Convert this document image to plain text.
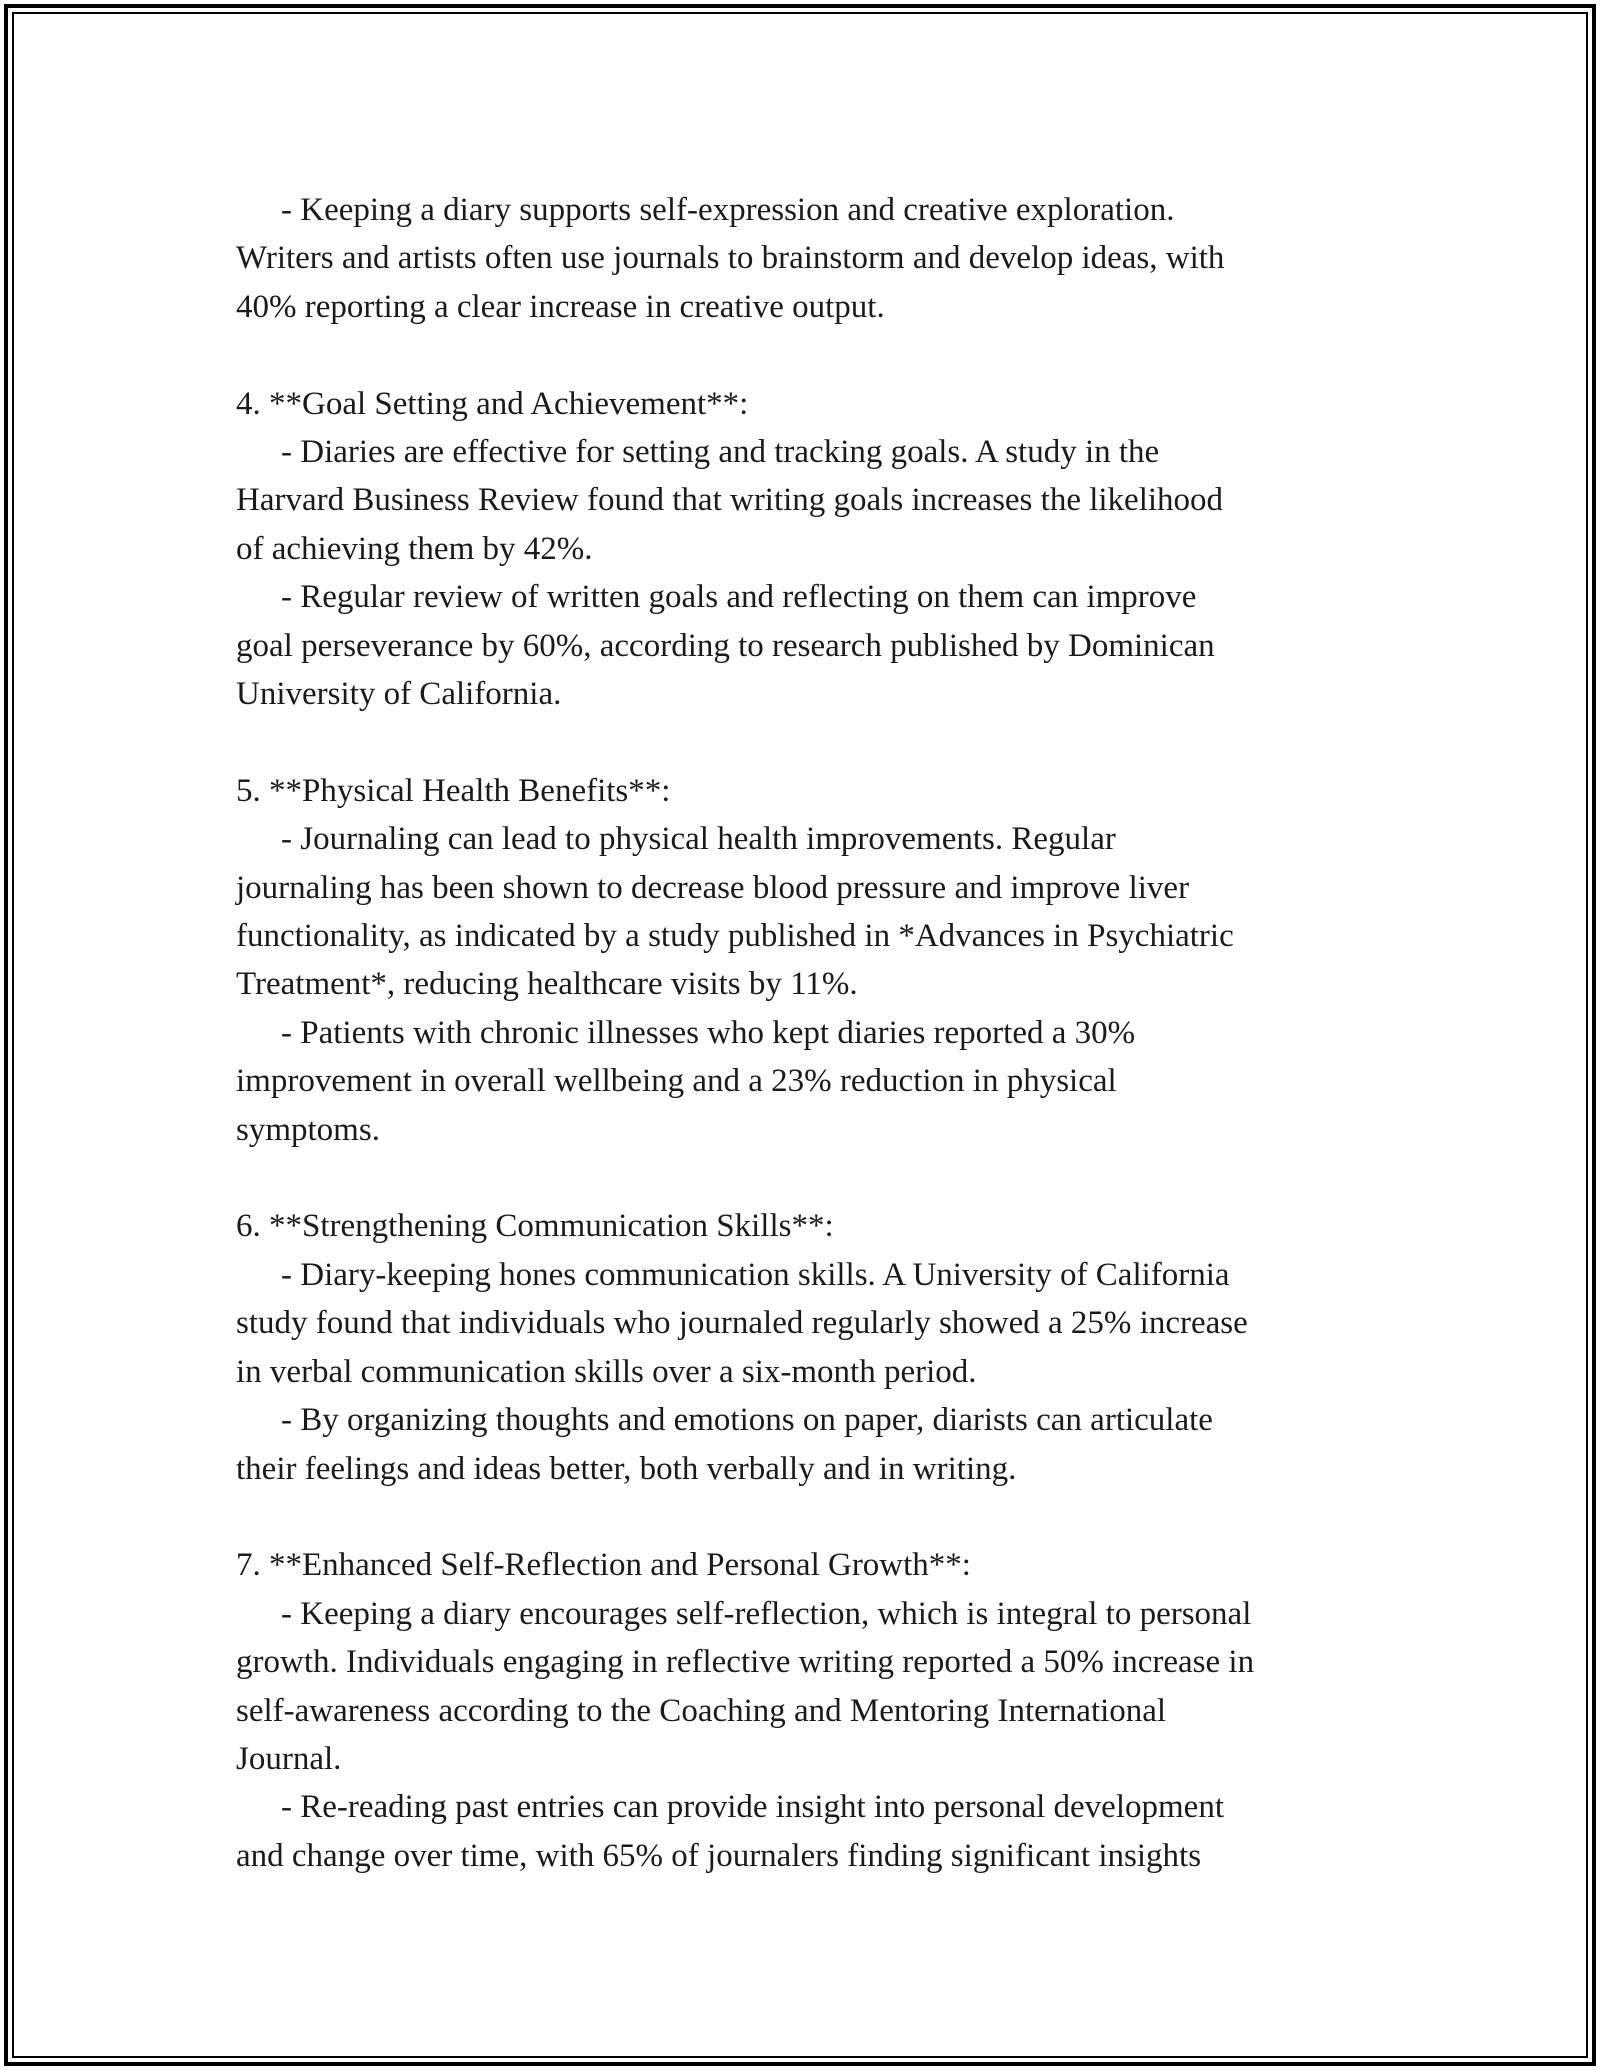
- Keeping a diary supports self-expression and creative exploration.
Writers and artists often use journals to brainstorm and develop ideas, with
40% reporting a clear increase in creative output.
4. **Goal Setting and Achievement**:
- Diaries are effective for setting and tracking goals. A study in the
Harvard Business Review found that writing goals increases the likelihood
of achieving them by 42%.
- Regular review of written goals and reflecting on them can improve
goal perseverance by 60%, according to research published by Dominican
University of California.
5. **Physical Health Benefits**:
- Journaling can lead to physical health improvements. Regular
journaling has been shown to decrease blood pressure and improve liver
functionality, as indicated by a study published in *Advances in Psychiatric
Treatment*, reducing healthcare visits by 11%.
- Patients with chronic illnesses who kept diaries reported a 30%
improvement in overall wellbeing and a 23% reduction in physical
symptoms.
6. **Strengthening Communication Skills**:
- Diary-keeping hones communication skills. A University of California
study found that individuals who journaled regularly showed a 25% increase
in verbal communication skills over a six-month period.
- By organizing thoughts and emotions on paper, diarists can articulate
their feelings and ideas better, both verbally and in writing.
7. **Enhanced Self-Reflection and Personal Growth**:
- Keeping a diary encourages self-reflection, which is integral to personal
growth. Individuals engaging in reflective writing reported a 50% increase in
self-awareness according to the Coaching and Mentoring International
Journal.
- Re-reading past entries can provide insight into personal development
and change over time, with 65% of journalers finding significant insights
